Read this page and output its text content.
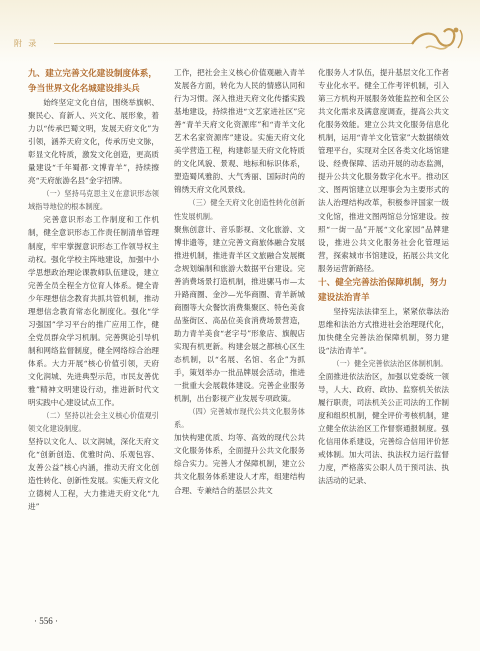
附 录

九、建立完善文化建设制度体系，争当世界文化名城建设排头兵

始终坚定文化自信，围绕举旗帜、聚民心、育新人、兴文化、展形象，着力以“传承巴蜀文明，发展天府文化”为引领，涵养天府文化，传承历史文脉，彰显文化特质，激发文化创造，更高质量建设“千年蜀都·文博青羊”，持续擦亮“天府旅游名县”金字招牌。

（一）坚持马克思主义在意识形态领域指导地位的根本制度。

完善意识形态工作制度和工作机制，健全意识形态工作责任制清单管理制度，牢牢掌握意识形态工作领导权主动权。强化学校主阵地建设，加强中小学思想政治理论课教师队伍建设，建立完善全员全程全方位育人体系。健全青少年理想信念教育共抓共管机制，推动理想信念教育常态化制度化。强化“学习强国”学习平台的推广应用工作，健全党员群众学习机制。完善舆论引导机制和网络监督制度，健全网络综合治理体系。大力开展“核心价值引领，天府文化润城、先进典型示范，市民友善优雅”精神文明建设行动，推进新时代文明实践中心建设试点工作。

（二）坚持以社会主义核心价值观引领文化建设制度。

坚持以文化人、以文润城，深化天府文化“创新创造、优雅时尚、乐观包容、友善公益”核心内涵，推动天府文化创造性转化、创新性发展。实施天府文化立德树人工程，大力推进天府文化“九进”

工作，把社会主义核心价值观融入青羊发展各方面，转化为人民的情感认同和行为习惯。深入推进天府文化传播实践基地建设，持续推进“文艺家进社区”完善“青羊天府文化资源库”和“青羊文化艺术名家资源库”建设。实施天府文化美学营造工程，构建彰显天府文化特质的文化风貌、景观、地标和标识体系，塑造蜀风雅韵、大气秀丽、国际时尚的锦绣天府文化风景线。

（三）健全天府文化创造性转化创新性发展机制。

聚焦创意计、音乐影视、文化旅游、文博非遗等，建立完善文商旅体融合发展推进机制，推进青羊区文旅融合发展概念规划编制和旅游大数据平台建设。完善消费场景打造机制，推进骡马市—太升路商圈、金沙—光华商圈、青羊新城商圈等大众餐饮消费集聚区、特色美食品鉴街区、高品位美食消费场景营造，助力青羊美食“老字号”形象店、旗舰店实现有机更新。构建会展之都核心区生态机制，以“名展、名馆、名企”为抓手，策划举办一批品牌展会活动，推进一批重大会展载体建设。完善企业服务机制，出台影视产业发展专项政策。

（四）完善城市现代公共文化服务体系。

加快构建优质、均等、高效的现代公共文化服务体系，全面提升公共文化服务综合实力。完善人才保障机制，建立公共文化服务体系建设人才库，组建结构合理、专兼结合的基层公共文

化服务人才队伍，提升基层文化工作者专业化水平。健全工作考评机制，引入第三方机构开展服务效能监控和全区公共文化需求及满意度调查，提高公共文化服务效能。建立公共文化服务信息化机制，运用“青羊文化管家”大数据绩效管理平台，实现对全区各类文化场馆建设、经费保障、活动开展的动态监测，提升公共文化服务数字化水平。推动区文、图两馆建立以理事会为主要形式的法人治理结构改革，积极参评国家一级文化馆，推进文图两馆总分馆建设。按照“一街一品”开展“文化家园”品牌建设，推进公共文化服务社会化管理运营，探索城市书馆建设，拓展公共文化服务运营新路径。

十、健全完善法治保障机制，努力建设法治青羊

坚持宪法法律至上，紧紧依靠法治思维和法治方式推进社会治理现代化，加快健全完善法治保障机制，努力建设“法治青羊”。

（一）健全完善依法治区体制机制。

全面推进依法治区，加强以党委统一领导，人大、政府、政协、监察机关依法履行职责，司法机关公正司法的工作制度和组织机制，健全评价考核机制，建立健全依法治区工作督察通报制度。强化信用体系建设，完善综合信用评价惩戒体制。加大司法、执法权力运行监督力度，严格落实公职人员于预司法、执法活动的记录、

· 556 ·
